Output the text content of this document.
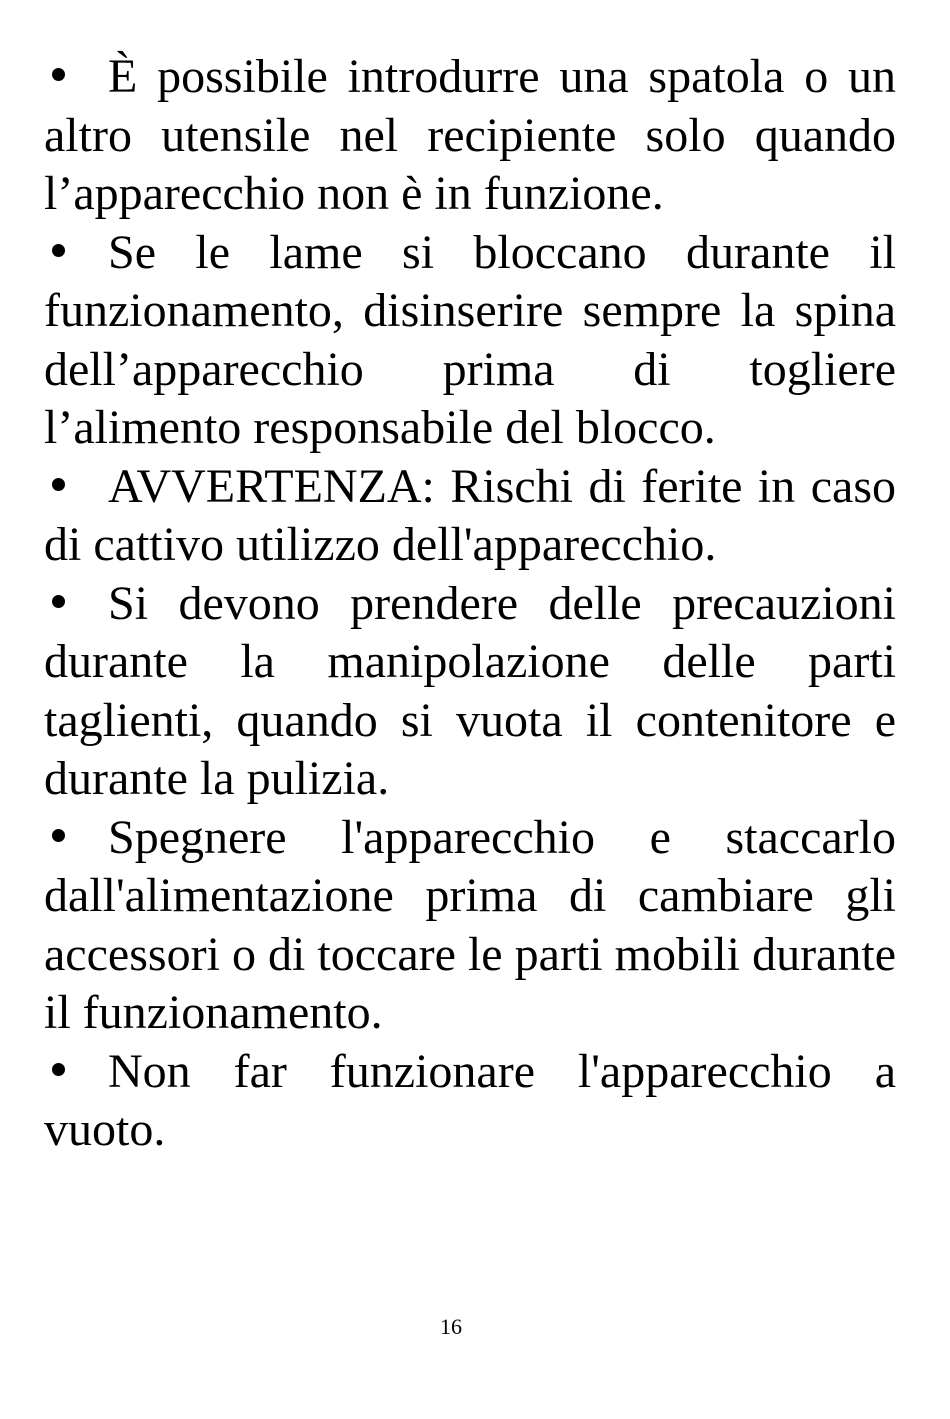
È possibile introdurre una spatola o un altro utensile nel recipiente solo quando l’apparecchio non è in funzione.

Se le lame si bloccano durante il funzionamento, disinserire sempre la spina dell’apparecchio prima di togliere l’alimento responsabile del blocco.

AVVERTENZA: Rischi di ferite in caso di cattivo utilizzo dell'apparecchio.

Si devono prendere delle precauzioni durante la manipolazione delle parti taglienti, quando si vuota il contenitore e durante la pulizia.

Spegnere l'apparecchio e staccarlo dall'alimentazione prima di cambiare gli accessori o di toccare le parti mobili durante il funzionamento.

Non far funzionare l'apparecchio a vuoto.

16
